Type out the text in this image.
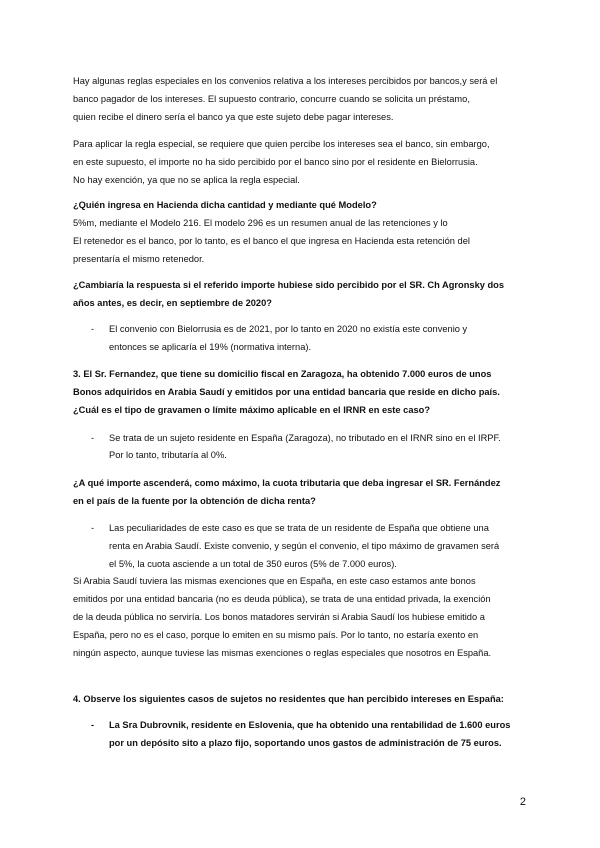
Hay algunas reglas especiales en los convenios relativa a los intereses percibidos por bancos,y será el

banco pagador de los intereses. El supuesto contrario, concurre cuando se solicita un préstamo,

quien recibe el dinero sería el banco ya que este sujeto debe pagar intereses.

Para aplicar la regla especial, se requiere que quien percibe los intereses sea el banco, sin embargo,

en este supuesto, el importe no ha sido percibido por el banco sino por el residente en Bielorrusia.

No hay exención, ya que no se aplica la regla especial.

¿Quién ingresa en Hacienda dicha cantidad y mediante qué Modelo?

5%m, mediante el Modelo 216. El modelo 296 es un resumen anual de las retenciones y lo

El retenedor es el banco, por lo tanto, es el banco el que ingresa en Hacienda esta retención del

presentaría el mismo retenedor.

¿Cambiaría la respuesta si el referido importe hubiese sido percibido por el SR. Ch Agronsky dos

años antes, es decir, en septiembre de 2020?

- El convenio con Bielorrusia es de 2021, por lo tanto en 2020 no existía este convenio y

entonces se aplicaría el 19% (normativa interna).

3. El Sr. Fernandez, que tiene su domicilio fiscal en Zaragoza, ha obtenido 7.000 euros de unos

Bonos adquiridos en Arabia Saudí y emitidos por una entidad bancaria que reside en dicho país.

¿Cuál es el tipo de gravamen o límite máximo aplicable en el IRNR en este caso?

- Se trata de un sujeto residente en España (Zaragoza), no tributado en el IRNR sino en el IRPF.

Por lo tanto, tributaría al 0%.

¿A qué importe ascenderá, como máximo, la cuota tributaria que deba ingresar el SR. Fernández

en el país de la fuente por la obtención de dicha renta?

- Las peculiaridades de este caso es que se trata de un residente de España que obtiene una

renta en Arabia Saudí. Existe convenio, y según el convenio, el tipo máximo de gravamen será

el 5%, la cuota asciende a un total de 350 euros (5% de 7.000 euros).

Si Arabia Saudí tuviera las mismas exenciones que en España, en este caso estamos ante bonos

emitidos por una entidad bancaria (no es deuda pública), se trata de una entidad privada, la exención

de la deuda pública no serviría. Los bonos matadores servirán si Arabia Saudí los hubiese emitido a

España, pero no es el caso, porque lo emiten en su mismo país. Por lo tanto, no estaría exento en

ningún aspecto, aunque tuviese las mismas exenciones o reglas especiales que nosotros en España.

4. Observe los siguientes casos de sujetos no residentes que han percibido intereses en España:

- La Sra Dubrovnik, residente en Eslovenia, que ha obtenido una rentabilidad de 1.600 euros

por un depósito sito a plazo fijo, soportando unos gastos de administración de 75 euros.

2
